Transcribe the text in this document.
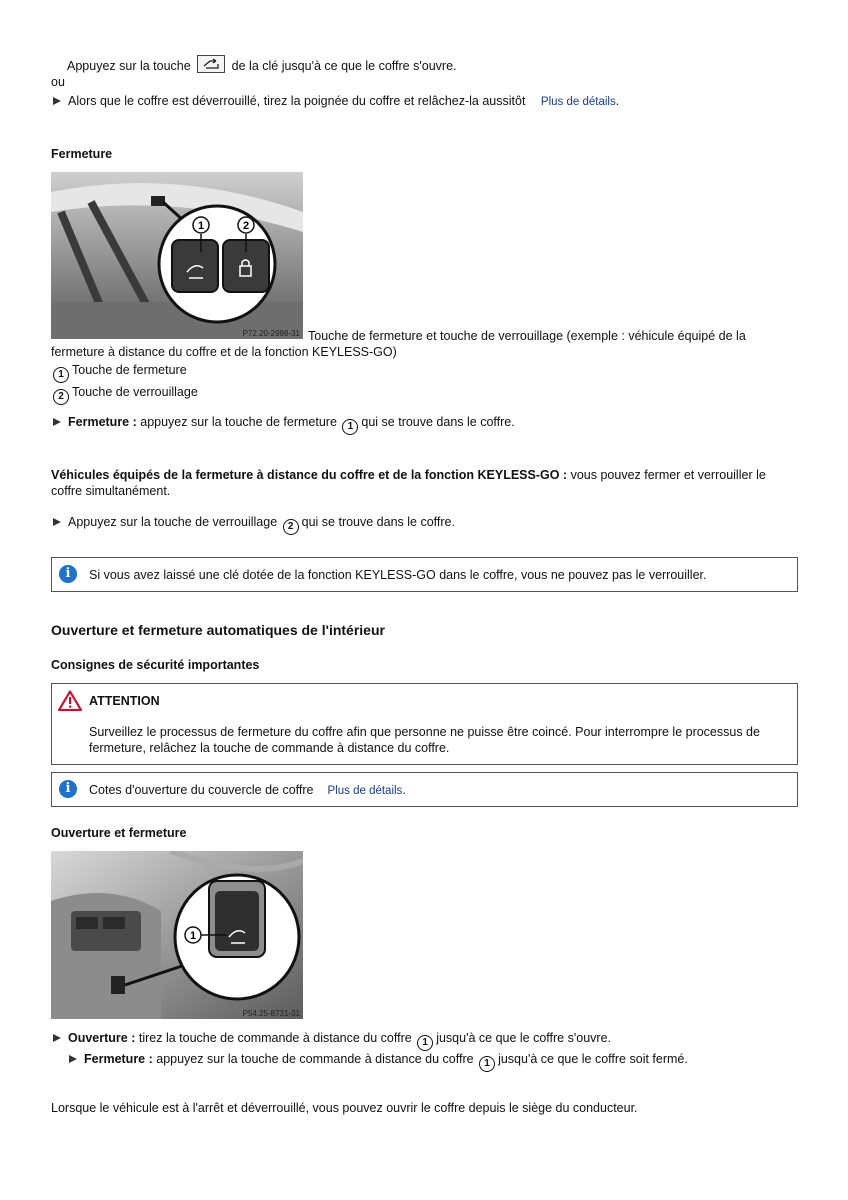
Appuyez sur la touche	de la clé jusqu'à ce que le coffre s'ouvre.
ou
Alors que le coffre est déverrouillé, tirez la poignée du coffre et relâchez-la aussitôt Plus de détails.
Fermeture
1	2
P72.20-2998-31 Touche de fermeture et touche de verrouillage (exemple : véhicule équipé de la
fermeture à distance du coffre et de la fonction KEYLESS-GO)
1 Touche de fermeture
2 Touche de verrouillage
Fermeture : appuyez sur la touche de fermeture 1 qui se trouve dans le coffre.
Véhicules équipés de la fermeture à distance du coffre et de la fonction KEYLESS-GO : vous pouvez fermer et verrouiller le
coffre simultanément.
Appuyez sur la touche de verrouillage 2 qui se trouve dans le coffre.
i	Si vous avez laissé une clé dotée de la fonction KEYLESS-GO dans le coffre, vous ne pouvez pas le verrouiller.
Ouverture et fermeture automatiques de l'intérieur
Consignes de sécurité importantes
ATTENTION
Surveillez le processus de fermeture du coffre afin que personne ne puisse être coincé. Pour interrompre le processus de
fermeture, relâchez la touche de commande à distance du coffre.
i	Cotes d'ouverture du couvercle de coffre Plus de détails.
Ouverture et fermeture
1
P54.25-8731-31
Ouverture : tirez la touche de commande à distance du coffre 1 jusqu'à ce que le coffre s'ouvre.
Fermeture : appuyez sur la touche de commande à distance du coffre 1 jusqu'à ce que le coffre soit fermé.
Lorsque le véhicule est à l'arrêt et déverrouillé, vous pouvez ouvrir le coffre depuis le siège du conducteur.
